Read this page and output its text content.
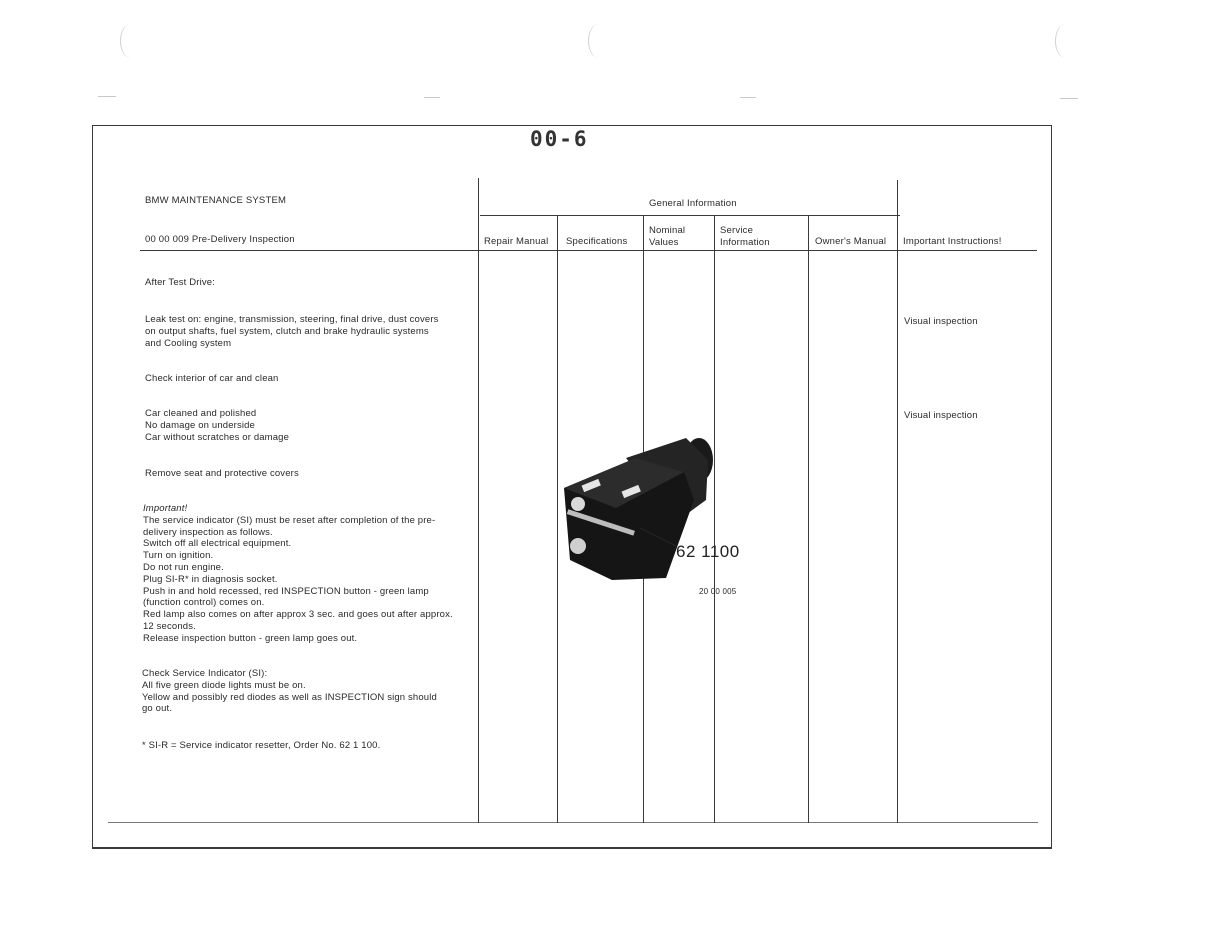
00-6
BMW MAINTENANCE SYSTEM
00 00 009 Pre-Delivery Inspection
General Information
Repair Manual Specifications
Nominal
Values
Service
Information	Owner's Manual Important Instructions!
After Test Drive:
Leak test on: engine, transmission, steering, final drive, dust covers
on output shafts, fuel system, clutch and brake hydraulic systems
and Cooling system
Check interior of car and clean
Car cleaned and polished
No damage on underside
Car without scratches or damage
Remove seat and protective covers
Important!
The service indicator (SI) must be reset after completion of the pre-
delivery inspection as follows.
Switch off all electrical equipment.
Turn on ignition.
Do not run engine.
Plug SI-R* in diagnosis socket.
Push in and hold recessed, red INSPECTION button - green lamp
(function control) comes on.
Red lamp also comes on after approx 3 sec. and goes out after approx.
12 seconds.
Release inspection button - green lamp goes out.
Check Service Indicator (SI):
All five green diode lights must be on.
Yellow and possibly red diodes as well as INSPECTION sign should
go out.
* SI-R = Service indicator resetter, Order No. 62 1 100.
Visual inspection
Visual inspection
62 1100
20 00 005
